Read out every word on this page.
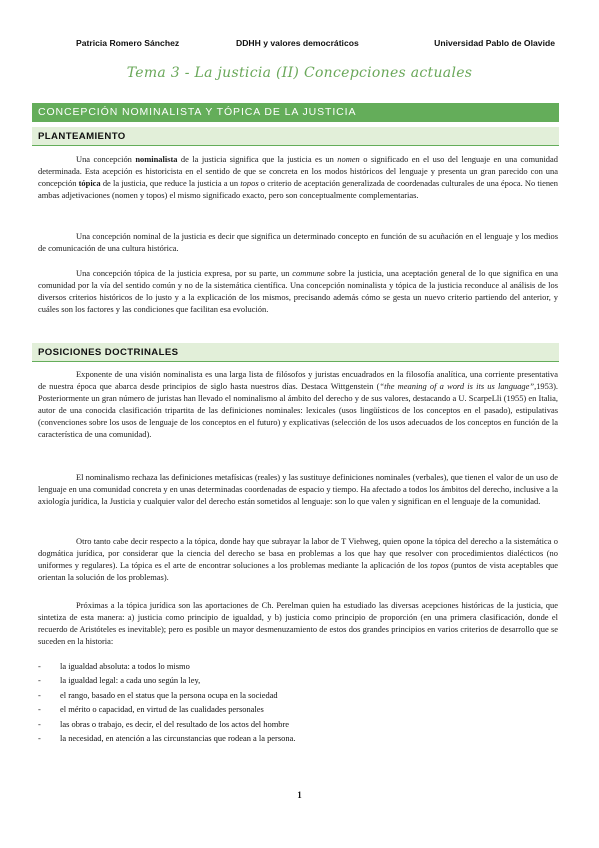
Patricia Romero Sánchez	DDHH y valores democráticos	Universidad Pablo de Olavide
Tema 3 - La justicia (II) Concepciones actuales
CONCEPCIÓN NOMINALISTA Y TÓPICA DE LA JUSTICIA
PLANTEAMIENTO

Una concepción nominalista de la justicia significa que la justicia es un nomen o significado en el uso del lenguaje en una comunidad determinada. Esta acepción es historicista en el sentido de que se concreta en los modos históricos del lenguaje y presenta un gran parecido con una concepción tópica de la justicia, que reduce la justicia a un topos o criterio de aceptación generalizada de coordenadas culturales de una época. No tienen ambas adjetivaciones (nomen y topos) el mismo significado exacto, pero son conceptualmente complementarias.

Una concepción nominal de la justicia es decir que significa un determinado concepto en función de su acuñación en el lenguaje y los medios de comunicación de una cultura histórica.

Una concepción tópica de la justicia expresa, por su parte, un commune sobre la justicia, una aceptación general de lo que significa en una comunidad por la vía del sentido común y no de la sistemática científica. Una concepción nominalista y tópica de la justicia reconduce al análisis de los diversos criterios históricos de lo justo y a la explicación de los mismos, precisando además cómo se gesta un nuevo criterio partiendo del anterior, y cuáles son los factores y las condiciones que facilitan esa evolución.

POSICIONES DOCTRINALES

Exponente de una visión nominalista es una larga lista de filósofos y juristas encuadrados en la filosofía analítica, una corriente presentativa de nuestra época que abarca desde principios de siglo hasta nuestros días. Destaca Wittgenstein (“the meaning of a word is its us language”,1953). Posteriormente un gran número de juristas han llevado el nominalismo al ámbito del derecho y de sus valores, destacando a U. ScarpeLli (1955) en Italia, autor de una conocida clasificación tripartita de las definiciones nominales: lexicales (usos lingüísticos de los conceptos en el pasado), estipulativas (convenciones sobre los usos de lenguaje de los conceptos en el futuro) y explicativas (selección de los usos adecuados de los conceptos en función de la característica de una comunidad).

El nominalismo rechaza las definiciones metafísicas (reales) y las sustituye definiciones nominales (verbales), que tienen el valor de un uso de lenguaje en una comunidad concreta y en unas determinadas coordenadas de espacio y tiempo. Ha afectado a todos los ámbitos del derecho, inclusive a la axiología jurídica, la Justicia y cualquier valor del derecho están sometidos al lenguaje: son lo que valen y significan en el lenguaje de la comunidad.

Otro tanto cabe decir respecto a la tópica, donde hay que subrayar la labor de T Viehweg, quien opone la tópica del derecho a la sistemática o dogmática jurídica, por considerar que la ciencia del derecho se basa en problemas a los que hay que resolver con procedimientos dialécticos (no uniformes y regulares). La tópica es el arte de encontrar soluciones a los problemas mediante la aplicación de los topos (puntos de vista aceptables que orientan la solución de los problemas).

Próximas a la tópica jurídica son las aportaciones de Ch. Perelman quien ha estudiado las diversas acepciones históricas de la justicia, que sintetiza de esta manera: a) justicia como principio de igualdad, y b) justicia como principio de proporción (en una primera clasificación, donde el recuerdo de Aristóteles es inevitable); pero es posible un mayor desmenuzamiento de estos dos grandes principios en varios criterios de desarrollo que se suceden en la historia:

- la igualdad absoluta: a todos lo mismo
- la igualdad legal: a cada uno según la ley,
- el rango, basado en el status que la persona ocupa en la sociedad
- el mérito o capacidad, en virtud de las cualidades personales
- las obras o trabajo, es decir, el del resultado de los actos del hombre
- la necesidad, en atención a las circunstancias que rodean a la persona.
1
